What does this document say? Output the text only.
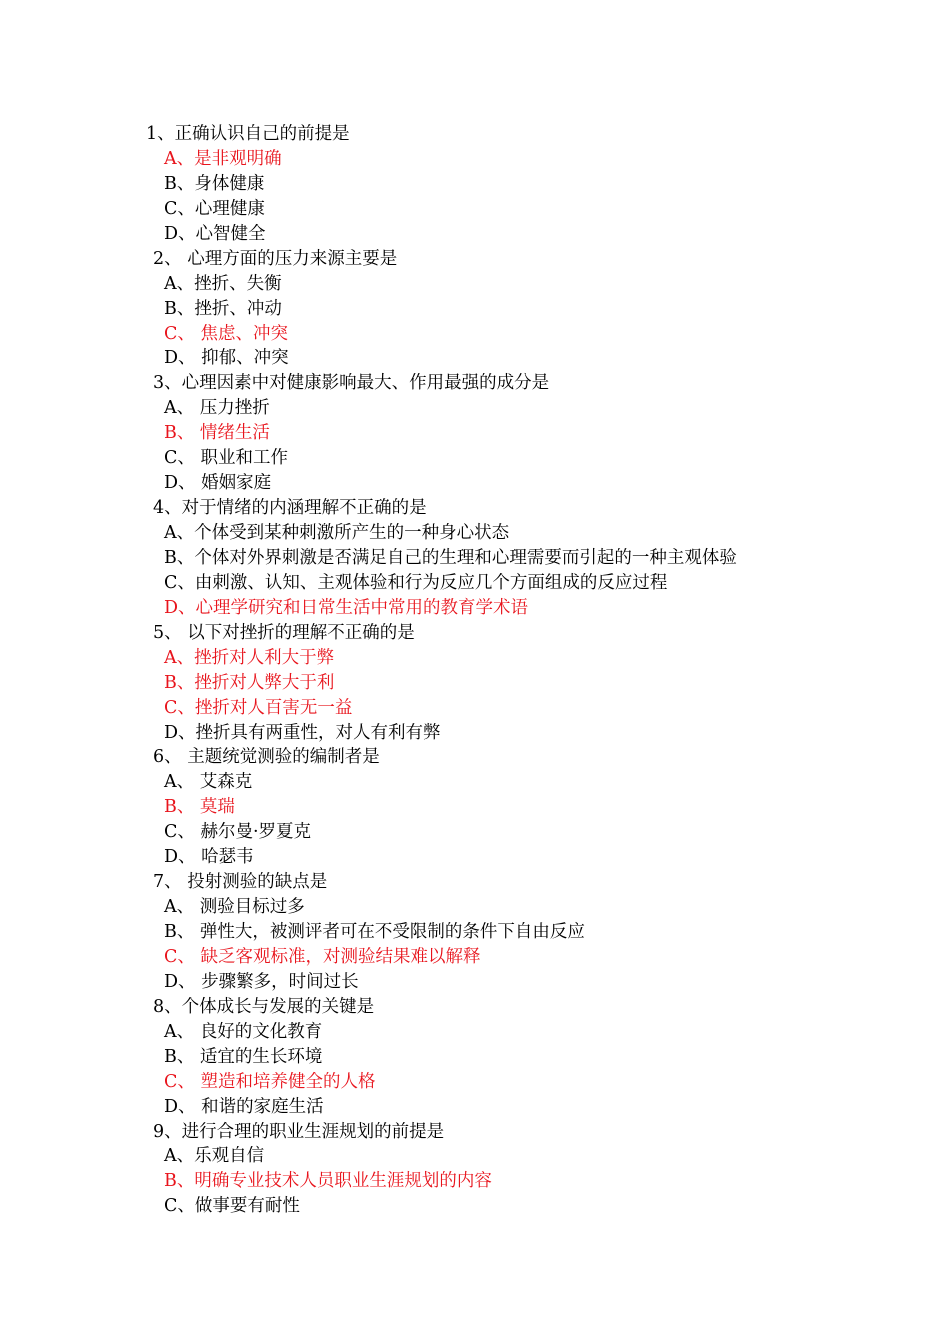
1、正确认识自己的前提是
A、是非观明确
B、身体健康
C、心理健康
D、心智健全
2、 心理方面的压力来源主要是
A、挫折、失衡
B、挫折、冲动
C、 焦虑、冲突
D、 抑郁、冲突
3、心理因素中对健康影响最大、作用最强的成分是
A、 压力挫折
B、 情绪生活
C、 职业和工作
D、 婚姻家庭
4、对于情绪的内涵理解不正确的是
A、个体受到某种刺激所产生的一种身心状态
B、个体对外界刺激是否满足自己的生理和心理需要而引起的一种主观体验
C、由刺激、认知、主观体验和行为反应几个方面组成的反应过程
D、心理学研究和日常生活中常用的教育学术语
5、 以下对挫折的理解不正确的是
A、挫折对人利大于弊
B、挫折对人弊大于利
C、挫折对人百害无一益
D、挫折具有两重性，对人有利有弊
6、 主题统觉测验的编制者是
A、 艾森克
B、 莫瑞
C、 赫尔曼·罗夏克
D、 哈瑟韦
7、 投射测验的缺点是
A、 测验目标过多
B、 弹性大，被测评者可在不受限制的条件下自由反应
C、 缺乏客观标准，对测验结果难以解释
D、 步骤繁多，时间过长
8、个体成长与发展的关键是
A、 良好的文化教育
B、 适宜的生长环境
C、 塑造和培养健全的人格
D、 和谐的家庭生活
9、进行合理的职业生涯规划的前提是
A、乐观自信
B、明确专业技术人员职业生涯规划的内容
C、做事要有耐性
